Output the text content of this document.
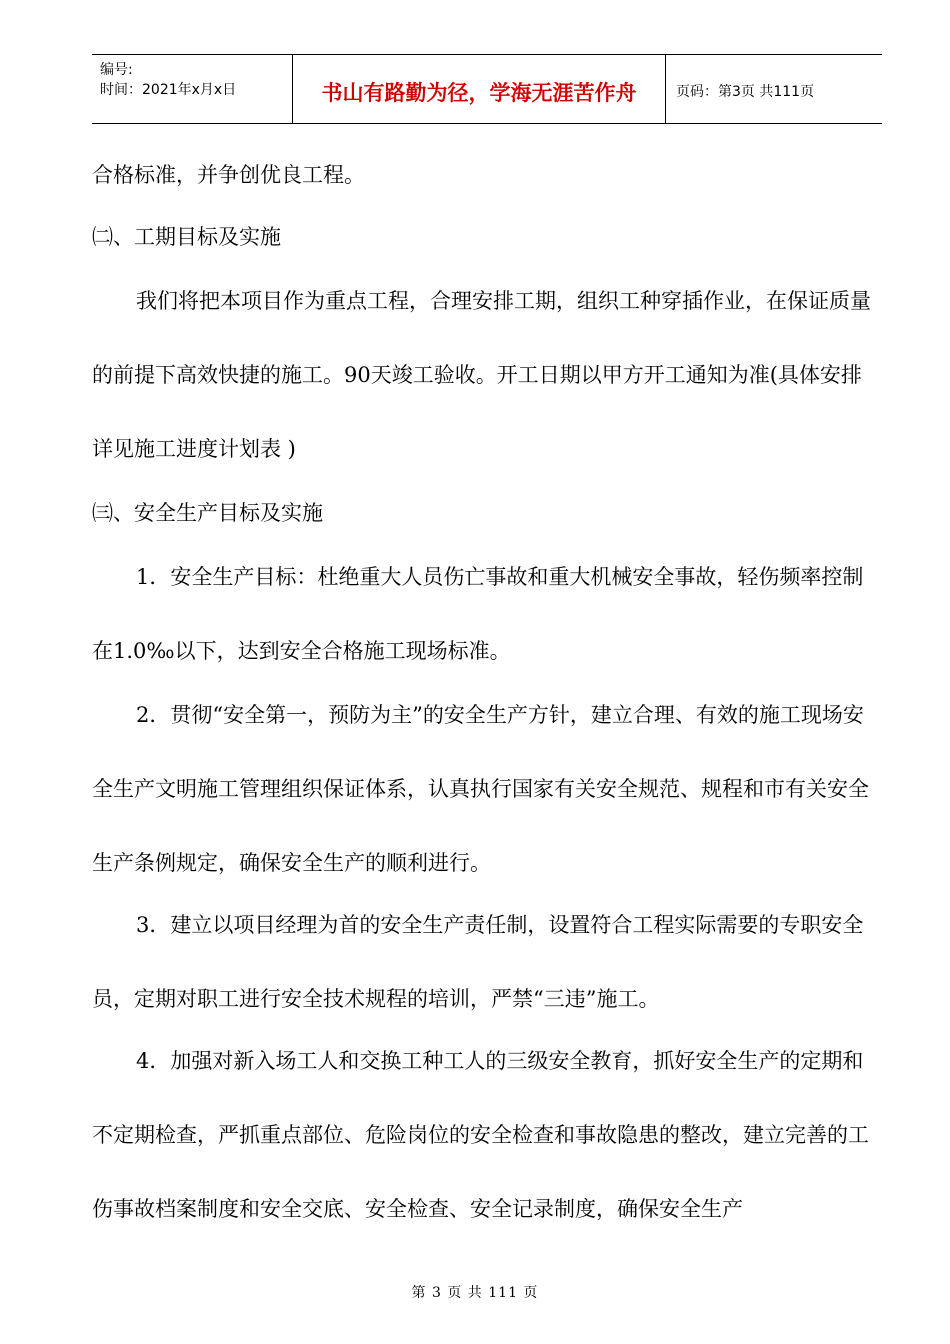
编号:
时间：2021年x月x日	书山有路勤为径，学海无涯苦作舟	页码：第3页 共111页

合格标准，并争创优良工程。

㈡、工期目标及实施

我们将把本项目作为重点工程，合理安排工期，组织工种穿插作业，在保证质量的前提下高效快捷的施工。90天竣工验收。开工日期以甲方开工通知为准(具体安排详见施工进度计划表 )

㈢、安全生产目标及实施

1．安全生产目标：杜绝重大人员伤亡事故和重大机械安全事故，轻伤频率控制在1.0‰以下，达到安全合格施工现场标准。

2．贯彻“安全第一，预防为主”的安全生产方针，建立合理、有效的施工现场安全生产文明施工管理组织保证体系，认真执行国家有关安全规范、规程和市有关安全生产条例规定，确保安全生产的顺利进行。

3．建立以项目经理为首的安全生产责任制，设置符合工程实际需要的专职安全员，定期对职工进行安全技术规程的培训，严禁“三违”施工。

4．加强对新入场工人和交换工种工人的三级安全教育，抓好安全生产的定期和不定期检查，严抓重点部位、危险岗位的安全检查和事故隐患的整改，建立完善的工伤事故档案制度和安全交底、安全检查、安全记录制度，确保安全生产

第 3 页 共 111 页
